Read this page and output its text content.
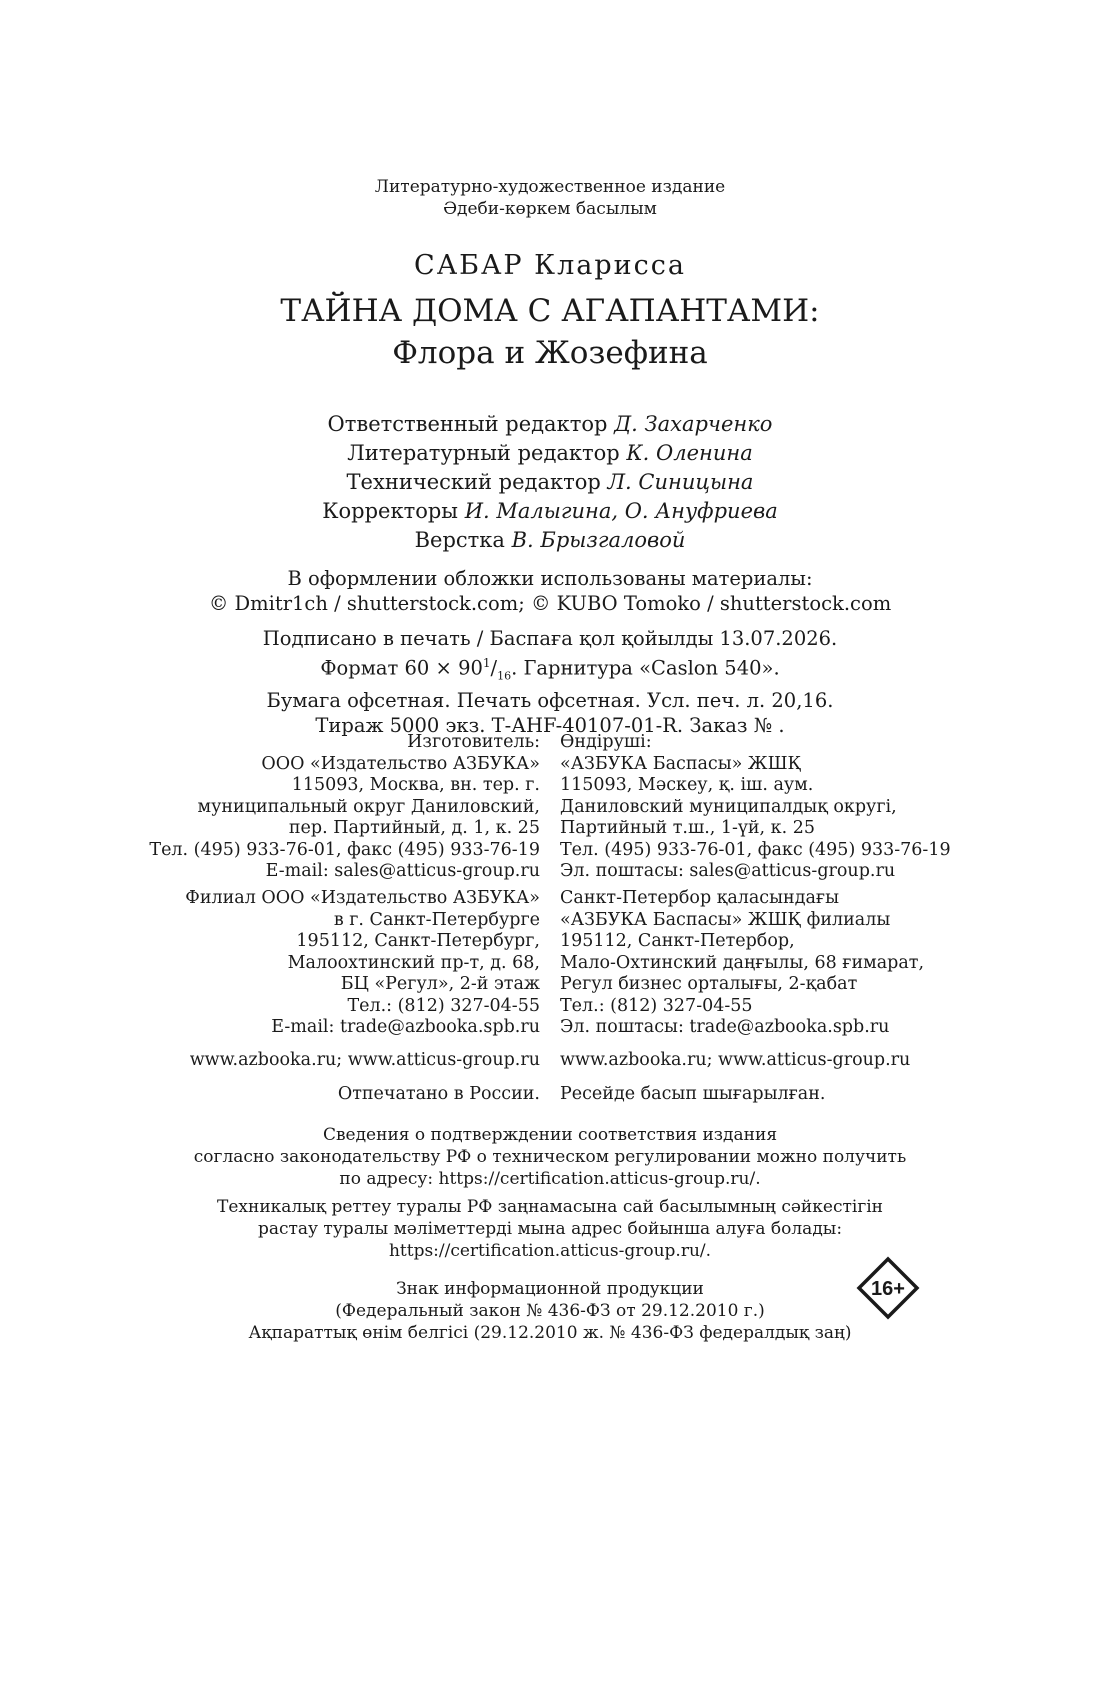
Литературно-художественное издание
Әдеби-көркем басылым
САБАР Кларисса
ТАЙНА ДОМА С АГАПАНТАМИ:
Флора и Жозефина
Ответственный редактор Д. Захарченко
Литературный редактор К. Оленина
Технический редактор Л. Синицына
Корректоры И. Малыгина, О. Ануфриева
Верстка В. Брызгаловой
В оформлении обложки использованы материалы:
© Dmitr1ch / shutterstock.com; © KUBO Tomoko / shutterstock.com
Подписано в печать / Баспаға қол қойылды 13.07.2026.
Формат $60 \times 90^1/_{16}$. Гарнитура «Caslon 540».
Бумага офсетная. Печать офсетная. Усл. печ. л. 20,16.
Тираж 5000 экз. Т-АНF-40107-01-R. Заказ № .
Изготовитель:
ООО «Издательство АЗБУКА»
115093, Москва, вн. тер. г.
муниципальный округ Даниловский,
пер. Партийный, д. 1, к. 25
Тел. (495) 933-76-01, факс (495) 933-76-19
E-mail: sales@atticus-group.ru
Өндіруші:
«АЗБУКА Баспасы» ЖШҚ
115093, Мәскеу, қ. іш. аум.
Даниловский муниципалдық округі,
Партийный т.ш., 1-үй, к. 25
Тел. (495) 933-76-01, факс (495) 933-76-19
Эл. поштасы: sales@atticus-group.ru
Филиал ООО «Издательство АЗБУКА»
в г. Санкт-Петербурге
195112, Санкт-Петербург,
Малоохтинский пр-т, д. 68,
БЦ «Регул», 2-й этаж
Тел.: (812) 327-04-55
E-mail: trade@azbooka.spb.ru
Санкт-Петербор қаласындағы
«АЗБУКА Баспасы» ЖШҚ филиалы
195112, Санкт-Петербор,
Мало-Охтинский даңғылы, 68 ғимарат,
Регул бизнес орталығы, 2-қабат
Тел.: (812) 327-04-55
Эл. поштасы: trade@azbooka.spb.ru
www.azbooka.ru; www.atticus-group.ru www.azbooka.ru; www.atticus-group.ru
Отпечатано в России. Ресейде басып шығарылған.
Сведения о подтверждении соответствия издания
согласно законодательству РФ о техническом регулировании можно получить
по адресу: https://certification.atticus-group.ru/.
Техникалық реттеу туралы РФ заңнамасына сай басылымның сәйкестігін
растау туралы мәліметтерді мына адрес бойынша алуға болады:
https://certification.atticus-group.ru/.
Знак информационной продукции
(Федеральный закон № 436-ФЗ от 29.12.2010 г.)
Ақпараттық өнім белгісі (29.12.2010 ж. № 436-ФЗ федералдық заң)
16+
